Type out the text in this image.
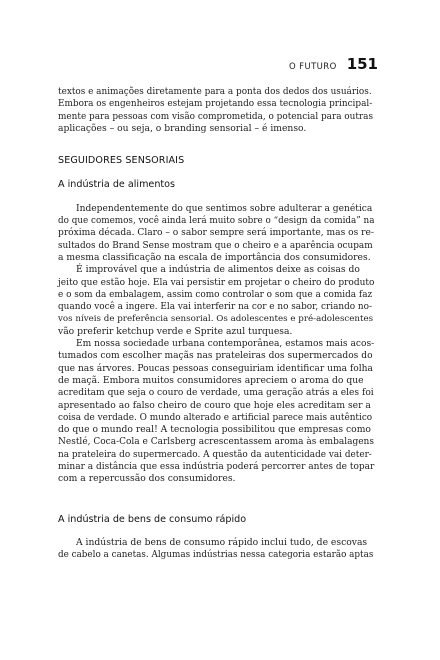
O FUTURO 151
textos e animações diretamente para a ponta dos dedos dos usuários.
Embora os engenheiros estejam projetando essa tecnologia principal-
mente para pessoas com visão comprometida, o potencial para outras
aplicações – ou seja, o branding sensorial – é imenso.
SEGUIDORES SENSORIAIS
A indústria de alimentos
Independentemente do que sentimos sobre adulterar a genética
do que comemos, você ainda lerá muito sobre o “design da comida” na
próxima década. Claro – o sabor sempre será importante, mas os re-
sultados do Brand Sense mostram que o cheiro e a aparência ocupam
a mesma classificação na escala de importância dos consumidores.
É improvável que a indústria de alimentos deixe as coisas do
jeito que estão hoje. Ela vai persistir em projetar o cheiro do produto
e o som da embalagem, assim como controlar o som que a comida faz
quando você a ingere. Ela vai interferir na cor e no sabor, criando no-
vos níveis de preferência sensorial. Os adolescentes e pré-adolescentes
vão preferir ketchup verde e Sprite azul turquesa.
Em nossa sociedade urbana contemporânea, estamos mais acos-
tumados com escolher maçãs nas prateleiras dos supermercados do
que nas árvores. Poucas pessoas conseguiriam identificar uma folha
de maçã. Embora muitos consumidores apreciem o aroma do que
acreditam que seja o couro de verdade, uma geração atrás a eles foi
apresentado ao falso cheiro de couro que hoje eles acreditam ser a
coisa de verdade. O mundo alterado e artificial parece mais autêntico
do que o mundo real! A tecnologia possibilitou que empresas como
Nestlé, Coca-Cola e Carlsberg acrescentassem aroma às embalagens
na prateleira do supermercado. A questão da autenticidade vai deter-
minar a distância que essa indústria poderá percorrer antes de topar
com a repercussão dos consumidores.
A indústria de bens de consumo rápido
A indústria de bens de consumo rápido inclui tudo, de escovas
de cabelo a canetas. Algumas indústrias nessa categoria estarão aptas
